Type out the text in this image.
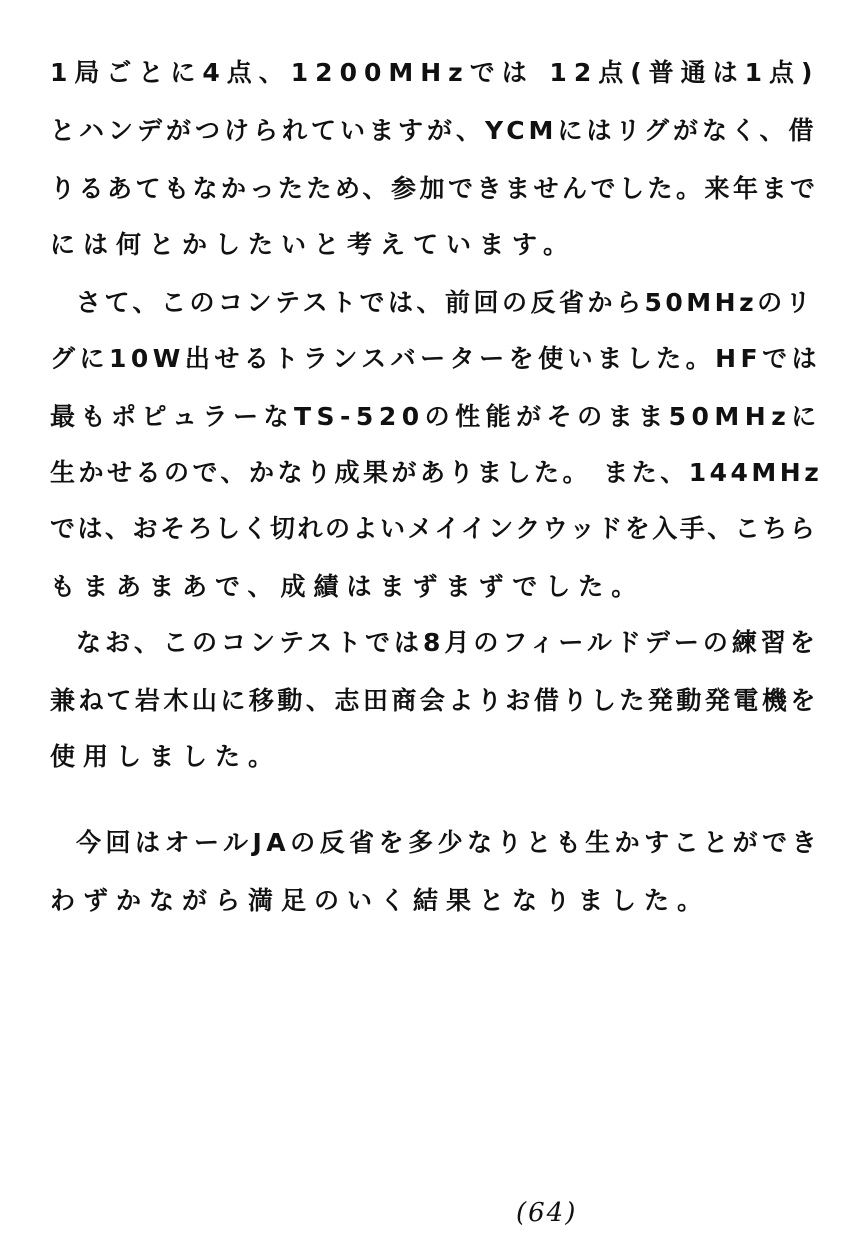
1局ごとに4点、1200MHzでは 12点(普通は1点)
とハンデがつけられていますが、YCMにはリグがなく、借
りるあてもなかったため、参加できませんでした。来年まで
には何とかしたいと考えています。
さて、このコンテストでは、前回の反省から50MHzのリ
グに10W出せるトランスバーターを使いました。HFでは
最もポピュラーなTS-520の性能がそのまま50MHzに
生かせるので、かなり成果がありました。 また、144MHz
では、おそろしく切れのよいメイインクウッドを入手、こちら
もまあまあで、成績はまずまずでした。
なお、このコンテストでは8月のフィールドデーの練習を
兼ねて岩木山に移動、志田商会よりお借りした発動発電機を
使用しました。
今回はオールJAの反省を多少なりとも生かすことができ
わずかながら満足のいく結果となりました。
(64)
